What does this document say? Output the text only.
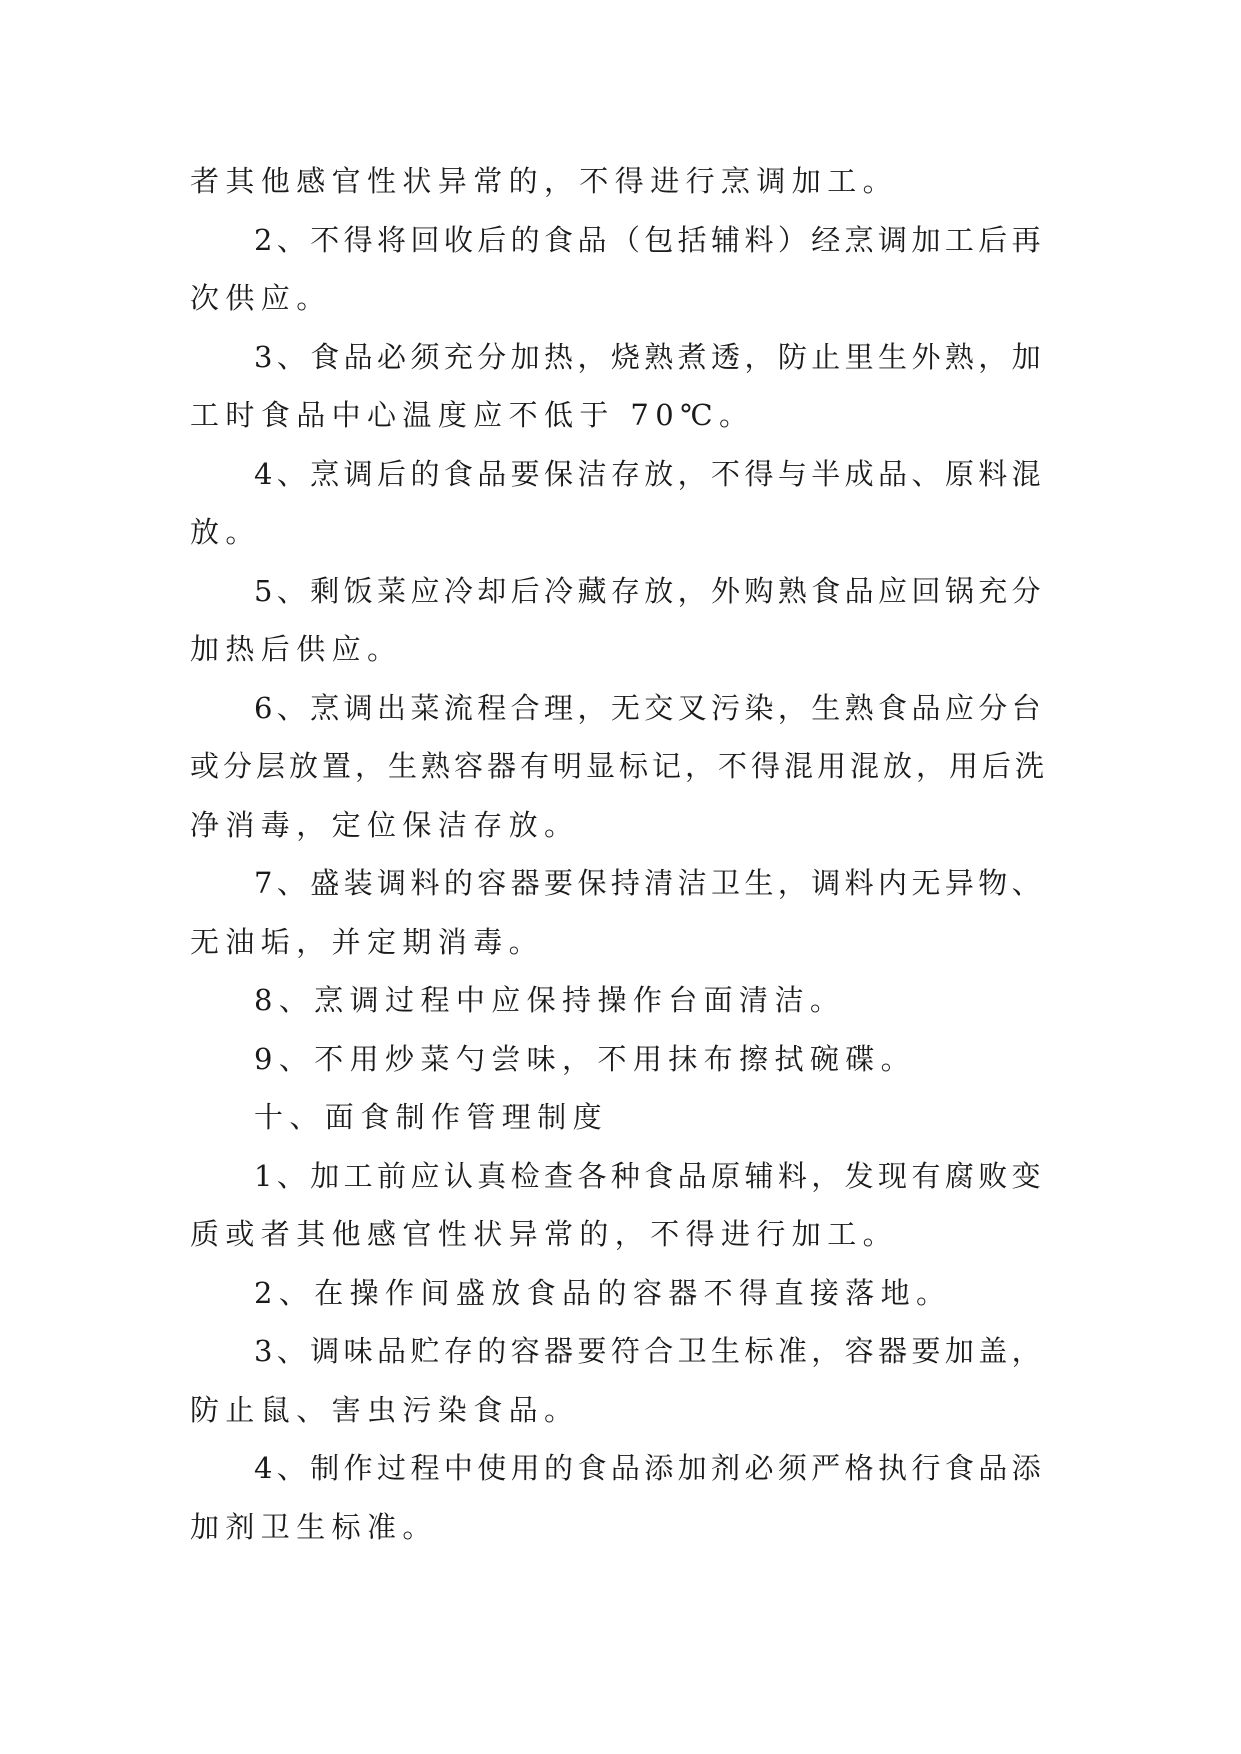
者其他感官性状异常的，不得进行烹调加工。
2、不得将回收后的食品（包括辅料）经烹调加工后再
次供应。
3、食品必须充分加热，烧熟煮透，防止里生外熟，加
工时食品中心温度应不低于 70℃。
4、烹调后的食品要保洁存放，不得与半成品、原料混
放。
5、剩饭菜应冷却后冷藏存放，外购熟食品应回锅充分
加热后供应。
6、烹调出菜流程合理，无交叉污染，生熟食品应分台
或分层放置，生熟容器有明显标记，不得混用混放，用后洗
净消毒，定位保洁存放。
7、盛装调料的容器要保持清洁卫生，调料内无异物、
无油垢，并定期消毒。
8、烹调过程中应保持操作台面清洁。
9、不用炒菜勺尝味，不用抹布擦拭碗碟。
十、面食制作管理制度
1、加工前应认真检查各种食品原辅料，发现有腐败变
质或者其他感官性状异常的，不得进行加工。
2、在操作间盛放食品的容器不得直接落地。
3、调味品贮存的容器要符合卫生标准，容器要加盖，
防止鼠、害虫污染食品。
4、制作过程中使用的食品添加剂必须严格执行食品添
加剂卫生标准。
